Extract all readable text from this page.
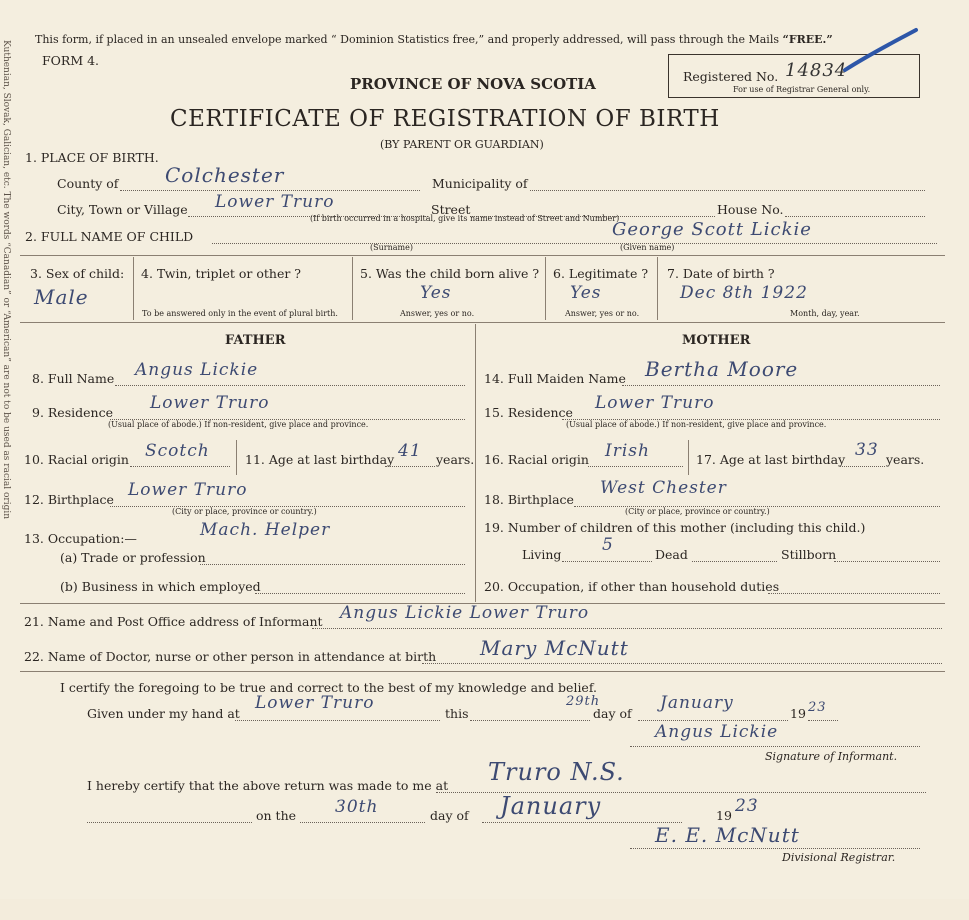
Kuthenian, Slovak, Galician, etc. The words “Canadian” or “American” are not to be used as racial origin
This form, if placed in an unsealed envelope marked “ Dominion Statistics free,” and properly addressed, will pass through the Mails “FREE.”
FORM 4.
PROVINCE OF NOVA SCOTIA
CERTIFICATE OF REGISTRATION OF BIRTH
(BY PARENT OR GUARDIAN)
Registered No. 14834
For use of Registrar General only.
1. PLACE OF BIRTH.
County of Colchester	Municipality of
City, Town or Village Lower Truro	Street	House No.
(If birth occurred in a hospital, give its name instead of Street and Number)
2. FULL NAME OF CHILD	George Scott Lickie
(Surname)	(Given name)
3. Sex of child:
Male
4. Twin, triplet or other ?
To be answered only in the event of plural birth.
5. Was the child born alive ?
Yes
Answer, yes or no.
6. Legitimate ?
Yes
Answer, yes or no.
7. Date of birth ?
Dec 8th 1922
Month, day, year.
FATHER	MOTHER
8. Full Name Angus Lickie
9. Residence Lower Truro
(Usual place of abode.) If non-resident, give place and province.
10. Racial origin Scotch	11. Age at last birthday 41 years.
12. Birthplace Lower Truro
(City or place, province or country.)
13. Occupation:—	Mach. Helper
(a) Trade or profession
(b) Business in which employed
14. Full Maiden Name Bertha Moore
15. Residence Lower Truro
(Usual place of abode.) If non-resident, give place and province.
16. Racial origin Irish	17. Age at last birthday 33 years.
18. Birthplace
West Chester
(City or place, province or country.)
19. Number of children of this mother (including this child.)
Living 5	Dead	Stillborn
20. Occupation, if other than household duties
21. Name and Post Office address of Informant Angus Lickie Lower Truro
22. Name of Doctor, nurse or other person in attendance at birth Mary McNutt
I certify the foregoing to be true and correct to the best of my knowledge and belief.
Given under my hand at
Lower Truro
this
29th
day of
January
19 23
Angus Lickie
Signature of Informant.
I hereby certify that the above return was made to me at Truro N.S.
on the 30th	day of January	19 23
E. E. McNutt
Divisional Registrar.
